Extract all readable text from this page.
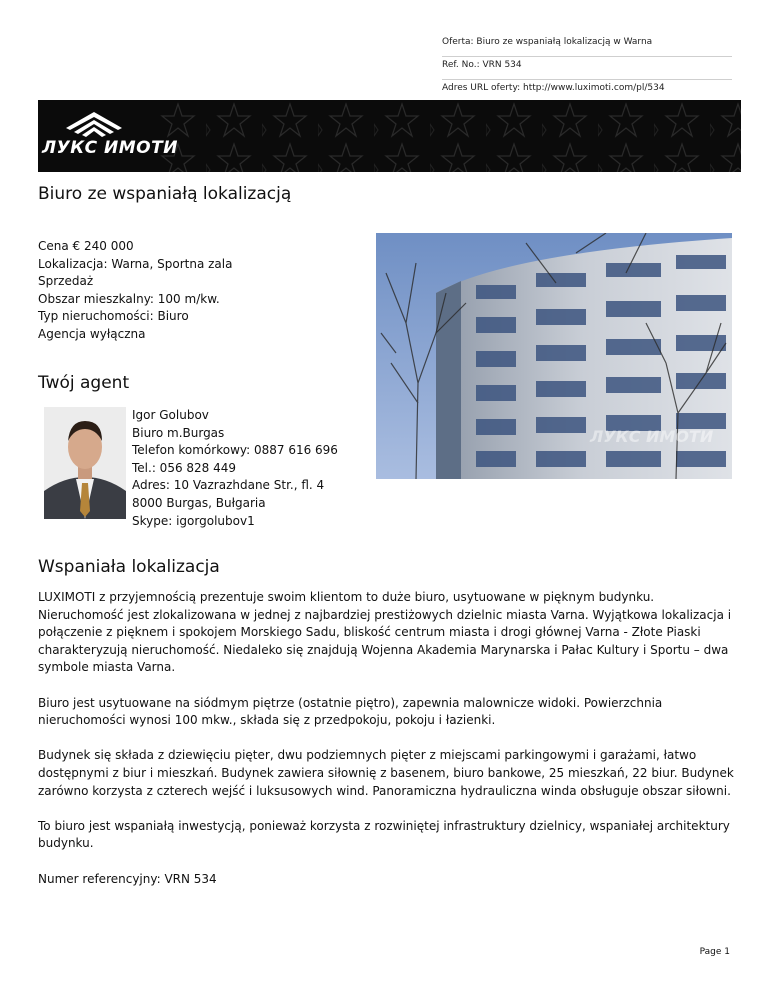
Oferta: Biuro ze wspaniałą lokalizacją w Warna
Ref. No.: VRN 534
Adres URL oferty: http://www.luximoti.com/pl/534
ЛУКС ИМОТИ
Biuro ze wspaniałą lokalizacją
Cena € 240 000
Lokalizacja: Warna, Sportna zala
Sprzedaż
Obszar mieszkalny: 100 m/kw.
Typ nieruchomości: Biuro
Agencja wyłączna
ЛУКС ИМОТИ
Twój agent
Igor Golubov
Biuro m.Burgas
Telefon komórkowy: 0887 616 696
Tel.: 056 828 449
Adres: 10 Vazrazhdane Str., fl. 4
8000 Burgas, Bułgaria
Skype: igorgolubov1
Wspaniała lokalizacja

LUXIMOTI z przyjemnością prezentuje swoim klientom to duże biuro, usytuowane w pięknym budynku. Nieruchomość jest zlokalizowana w jednej z najbardziej prestiżowych dzielnic miasta Varna. Wyjątkowa lokalizacja i połączenie z pięknem i spokojem Morskiego Sadu, bliskość centrum miasta i drogi głównej Varna - Złote Piaski charakteryzują nieruchomość. Niedaleko się znajdują Wojenna Akademia Marynarska i Pałac Kultury i Sportu – dwa symbole miasta Varna.

Biuro jest usytuowane na siódmym piętrze (ostatnie piętro), zapewnia malownicze widoki. Powierzchnia nieruchomości wynosi 100 mkw., składa się z przedpokoju, pokoju i łazienki.

Budynek się składa z dziewięciu pięter, dwu podziemnych pięter z miejscami parkingowymi i garażami, łatwo dostępnymi z biur i mieszkań. Budynek zawiera siłownię z basenem, biuro bankowe, 25 mieszkań, 22 biur. Budynek zarówno korzysta z czterech wejść i luksusowych wind. Panoramiczna hydrauliczna winda obsługuje obszar siłowni.

To biuro jest wspaniałą inwestycją, ponieważ korzysta z rozwiniętej infrastruktury dzielnicy, wspaniałej architektury budynku.

Numer referencyjny: VRN 534

Page 1
